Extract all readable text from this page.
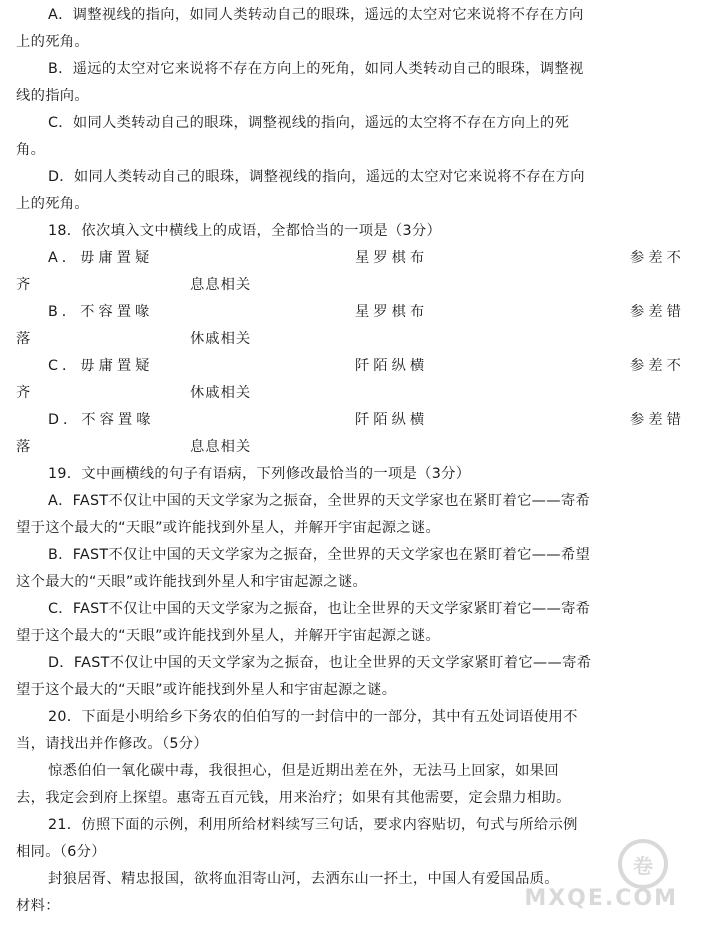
A．调整视线的指向，如同人类转动自己的眼珠，遥远的太空对它来说将不存在方向
上的死角。
B．遥远的太空对它来说将不存在方向上的死角，如同人类转动自己的眼珠，调整视
线的指向。
C．如同人类转动自己的眼珠，调整视线的指向，遥远的太空将不存在方向上的死
角。
D．如同人类转动自己的眼珠，调整视线的指向，遥远的太空对它来说将不存在方向
上的死角。
18．依次填入文中横线上的成语，全都恰当的一项是（3分）
A．毋庸置疑	星罗棋布	参差不
齐	息息相关
B．不容置喙	星罗棋布	参差错
落	休戚相关
C．毋庸置疑	阡陌纵横	参差不
齐	休戚相关
D．不容置喙	阡陌纵横	参差错
落	息息相关
19．文中画横线的句子有语病，下列修改最恰当的一项是（3分）
A．FAST不仅让中国的天文学家为之振奋，全世界的天文学家也在紧盯着它——寄希
望于这个最大的“天眼”或许能找到外星人，并解开宇宙起源之谜。
B．FAST不仅让中国的天文学家为之振奋，全世界的天文学家也在紧盯着它——希望
这个最大的“天眼”或许能找到外星人和宇宙起源之谜。
C．FAST不仅让中国的天文学家为之振奋，也让全世界的天文学家紧盯着它——寄希
望于这个最大的“天眼”或许能找到外星人，并解开宇宙起源之谜。
D．FAST不仅让中国的天文学家为之振奋，也让全世界的天文学家紧盯着它——寄希
望于这个最大的“天眼”或许能找到外星人和宇宙起源之谜。
20．下面是小明给乡下务农的伯伯写的一封信中的一部分，其中有五处词语使用不
当，请找出并作修改。（5分）
惊悉伯伯一氧化碳中毒，我很担心，但是近期出差在外，无法马上回家，如果回
去，我定会到府上探望。惠寄五百元钱，用来治疗；如果有其他需要，定会鼎力相助。
21．仿照下面的示例，利用所给材料续写三句话，要求内容贴切，句式与所给示例
相同。（6分）
封狼居胥、精忠报国，欲将血泪寄山河，去洒东山一抔土，中国人有爱国品质。
材料：
卷
MXQE.COM
